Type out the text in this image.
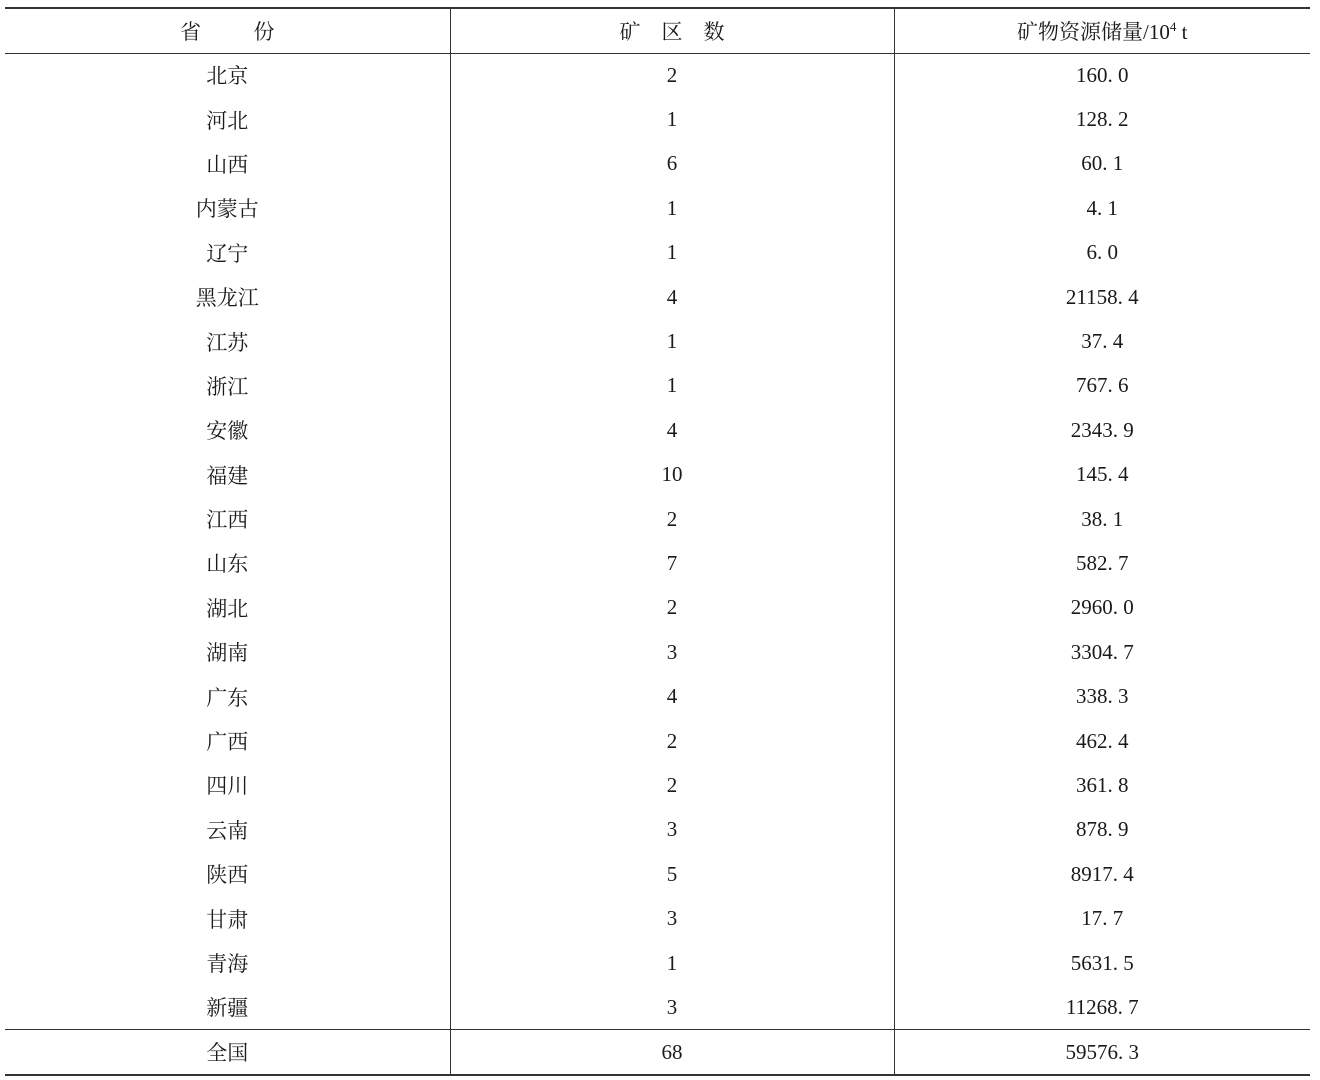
省          份	矿    区    数	矿物资源储量$/10^4$ t
北京	2	160. 0
河北	1	128. 2
山西	6	60. 1
内蒙古	1	4. 1
辽宁	1	6. 0
黑龙江	4	21158. 4
江苏	1	37. 4
浙江	1	767. 6
安徽	4	2343. 9
福建	10	145. 4
江西	2	38. 1
山东	7	582. 7
湖北	2	2960. 0
湖南	3	3304. 7
广东	4	338. 3
广西	2	462. 4
四川	2	361. 8
云南	3	878. 9
陕西	5	8917. 4
甘肃	3	17. 7
青海	1	5631. 5
新疆	3	11268. 7
全国	68	59576. 3
